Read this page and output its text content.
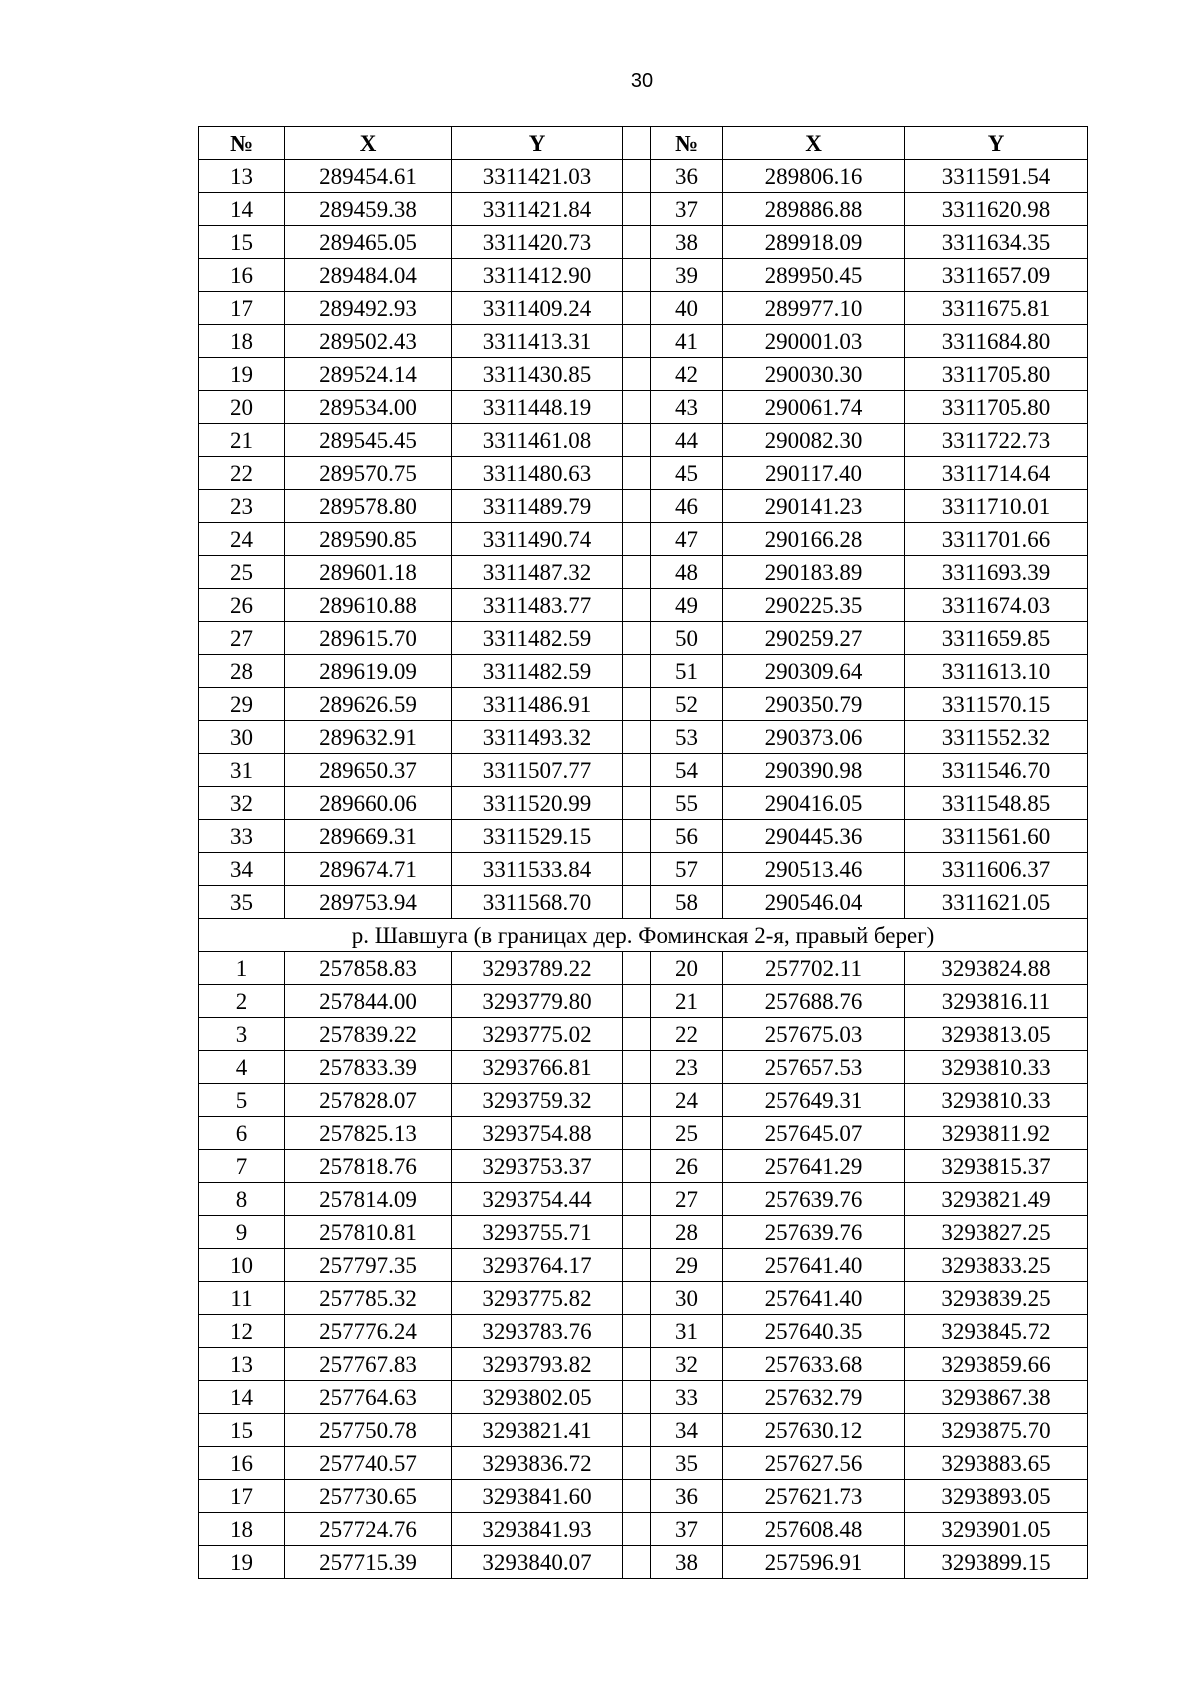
30
№	X	Y		№	X	Y
13	289454.61	3311421.03		36	289806.16	3311591.54
14	289459.38	3311421.84		37	289886.88	3311620.98
15	289465.05	3311420.73		38	289918.09	3311634.35
16	289484.04	3311412.90		39	289950.45	3311657.09
17	289492.93	3311409.24		40	289977.10	3311675.81
18	289502.43	3311413.31		41	290001.03	3311684.80
19	289524.14	3311430.85		42	290030.30	3311705.80
20	289534.00	3311448.19		43	290061.74	3311705.80
21	289545.45	3311461.08		44	290082.30	3311722.73
22	289570.75	3311480.63		45	290117.40	3311714.64
23	289578.80	3311489.79		46	290141.23	3311710.01
24	289590.85	3311490.74		47	290166.28	3311701.66
25	289601.18	3311487.32		48	290183.89	3311693.39
26	289610.88	3311483.77		49	290225.35	3311674.03
27	289615.70	3311482.59		50	290259.27	3311659.85
28	289619.09	3311482.59		51	290309.64	3311613.10
29	289626.59	3311486.91		52	290350.79	3311570.15
30	289632.91	3311493.32		53	290373.06	3311552.32
31	289650.37	3311507.77		54	290390.98	3311546.70
32	289660.06	3311520.99		55	290416.05	3311548.85
33	289669.31	3311529.15		56	290445.36	3311561.60
34	289674.71	3311533.84		57	290513.46	3311606.37
35	289753.94	3311568.70		58	290546.04	3311621.05
р. Шавшуга (в границах дер. Фоминская 2-я, правый берег)						
1	257858.83	3293789.22		20	257702.11	3293824.88
2	257844.00	3293779.80		21	257688.76	3293816.11
3	257839.22	3293775.02		22	257675.03	3293813.05
4	257833.39	3293766.81		23	257657.53	3293810.33
5	257828.07	3293759.32		24	257649.31	3293810.33
6	257825.13	3293754.88		25	257645.07	3293811.92
7	257818.76	3293753.37		26	257641.29	3293815.37
8	257814.09	3293754.44		27	257639.76	3293821.49
9	257810.81	3293755.71		28	257639.76	3293827.25
10	257797.35	3293764.17		29	257641.40	3293833.25
11	257785.32	3293775.82		30	257641.40	3293839.25
12	257776.24	3293783.76		31	257640.35	3293845.72
13	257767.83	3293793.82		32	257633.68	3293859.66
14	257764.63	3293802.05		33	257632.79	3293867.38
15	257750.78	3293821.41		34	257630.12	3293875.70
16	257740.57	3293836.72		35	257627.56	3293883.65
17	257730.65	3293841.60		36	257621.73	3293893.05
18	257724.76	3293841.93		37	257608.48	3293901.05
19	257715.39	3293840.07		38	257596.91	3293899.15
